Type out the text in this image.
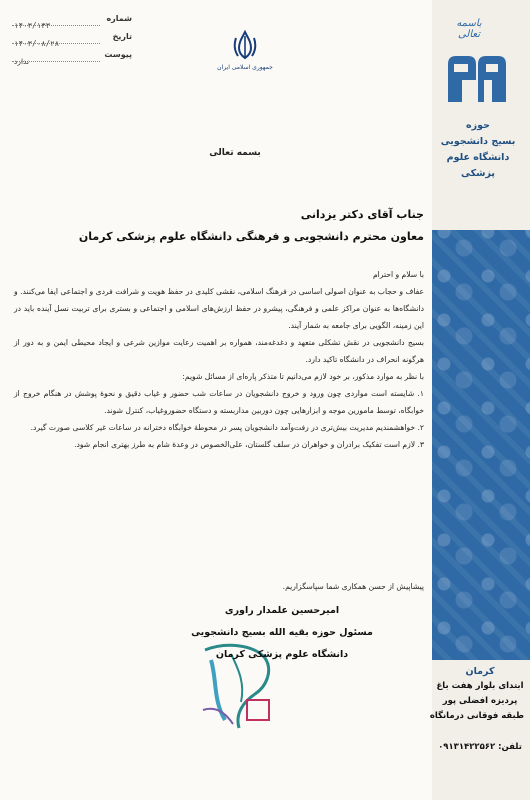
باسمه تعالی
حوزه
بسیج دانشجویی
دانشگاه علوم
پزشکی
کرمان
ابتدای بلوار هفت باغ
پردیزه افضلی پور
طبقه فوقانی درمانگاه
تلفن: ۰۹۱۳۱۴۲۲۵۶۲
شماره
۱۴۰۳/۱۳۳
تاریخ
۱۴۰۳/۰۸/۲۸
پیوست
ندارد
جمهوری اسلامی ایران
بسمه تعالی
جناب آقای دکتر یزدانی
معاون محترم دانشجویی و فرهنگی دانشگاه علوم پزشکی کرمان

با سلام و احترام

عفاف و حجاب به عنوان اصولی اساسی در فرهنگ اسلامی، نقشی کلیدی در حفظ هویت و شرافت فردی و اجتماعی ایفا می‌کنند. و دانشگاه‌ها به عنوان مراکز علمی و فرهنگی، پیشرو در حفظ ارزش‌های اسلامی و اجتماعی و بستری برای تربیت نسل آینده باید در این زمینه، الگویی برای جامعه به شمار آیند.

بسیج دانشجویی در نقش تشکلی متعهد و دغدغه‌مند، همواره بر اهمیت رعایت موازین شرعی و ایجاد محیطی ایمن و به دور از هرگونه انحراف در دانشگاه تاکید دارد.

با نظر به موارد مذکور، بر خود لازم می‌دانیم تا متذکر پاره‌ای از مسائل شویم:

۱. شایسته است مواردی چون ورود و خروج دانشجویان در ساعات شب حضور و غیاب دقیق و نحوهٔ پوشش در هنگام خروج از خوابگاه، توسط مامورین موجه و ابزارهایی چون دوربین مداربسته و دستگاه حضوروغیاب، کنترل شوند.

۲. خواهشمندیم مدیریت بیش‌تری در رفت‌وآمد دانشجویان پسر در محوطهٔ خوابگاه دخترانه در ساعات غیر کلاسی صورت گیرد.

۳. لازم است تفکیک برادران و خواهران در سلف گلستان، علی‌الخصوص در وعدهٔ شام به طرز بهتری انجام شود.

پیشاپیش از حسن همکاری شما سپاسگزاریم.
امیرحسین علمدار راوری
مسئول حوزه بقیه الله بسیج دانشجویی
دانشگاه علوم پزشکی کرمان
